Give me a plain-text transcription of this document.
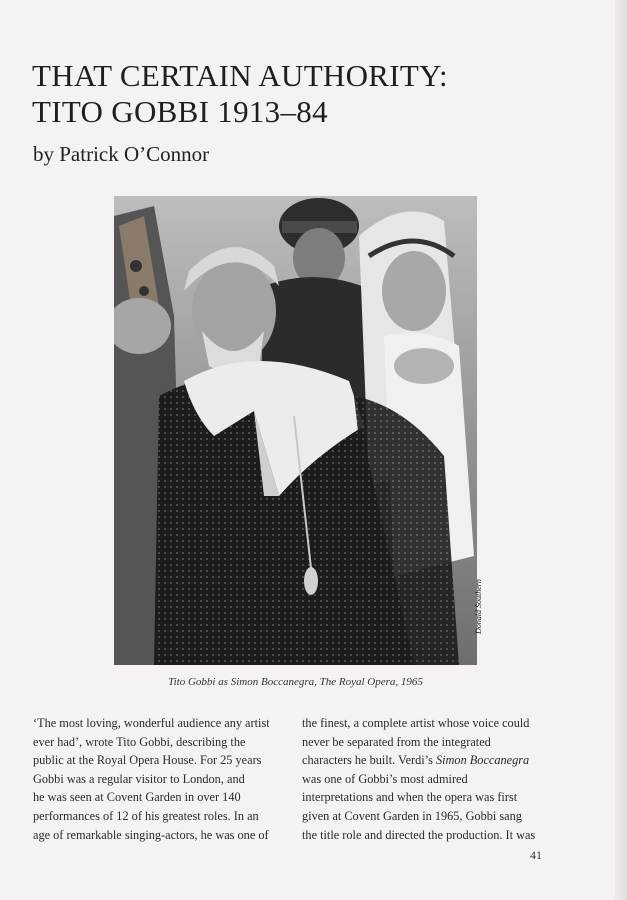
THAT CERTAIN AUTHORITY:
TITO GOBBI 1913–84
by Patrick O’Connor
Donald Southern
Tito Gobbi as Simon Boccanegra, The Royal Opera, 1965

‘The most loving, wonderful audience any artist

ever had’, wrote Tito Gobbi, describing the

public at the Royal Opera House. For 25 years

Gobbi was a regular visitor to London, and

he was seen at Covent Garden in over 140

performances of 12 of his greatest roles. In an

age of remarkable singing-actors, he was one of

the finest, a complete artist whose voice could

never be separated from the integrated

characters he built. Verdi’s Simon Boccanegra

was one of Gobbi’s most admired

interpretations and when the opera was first

given at Covent Garden in 1965, Gobbi sang

the title role and directed the production. It was

41
